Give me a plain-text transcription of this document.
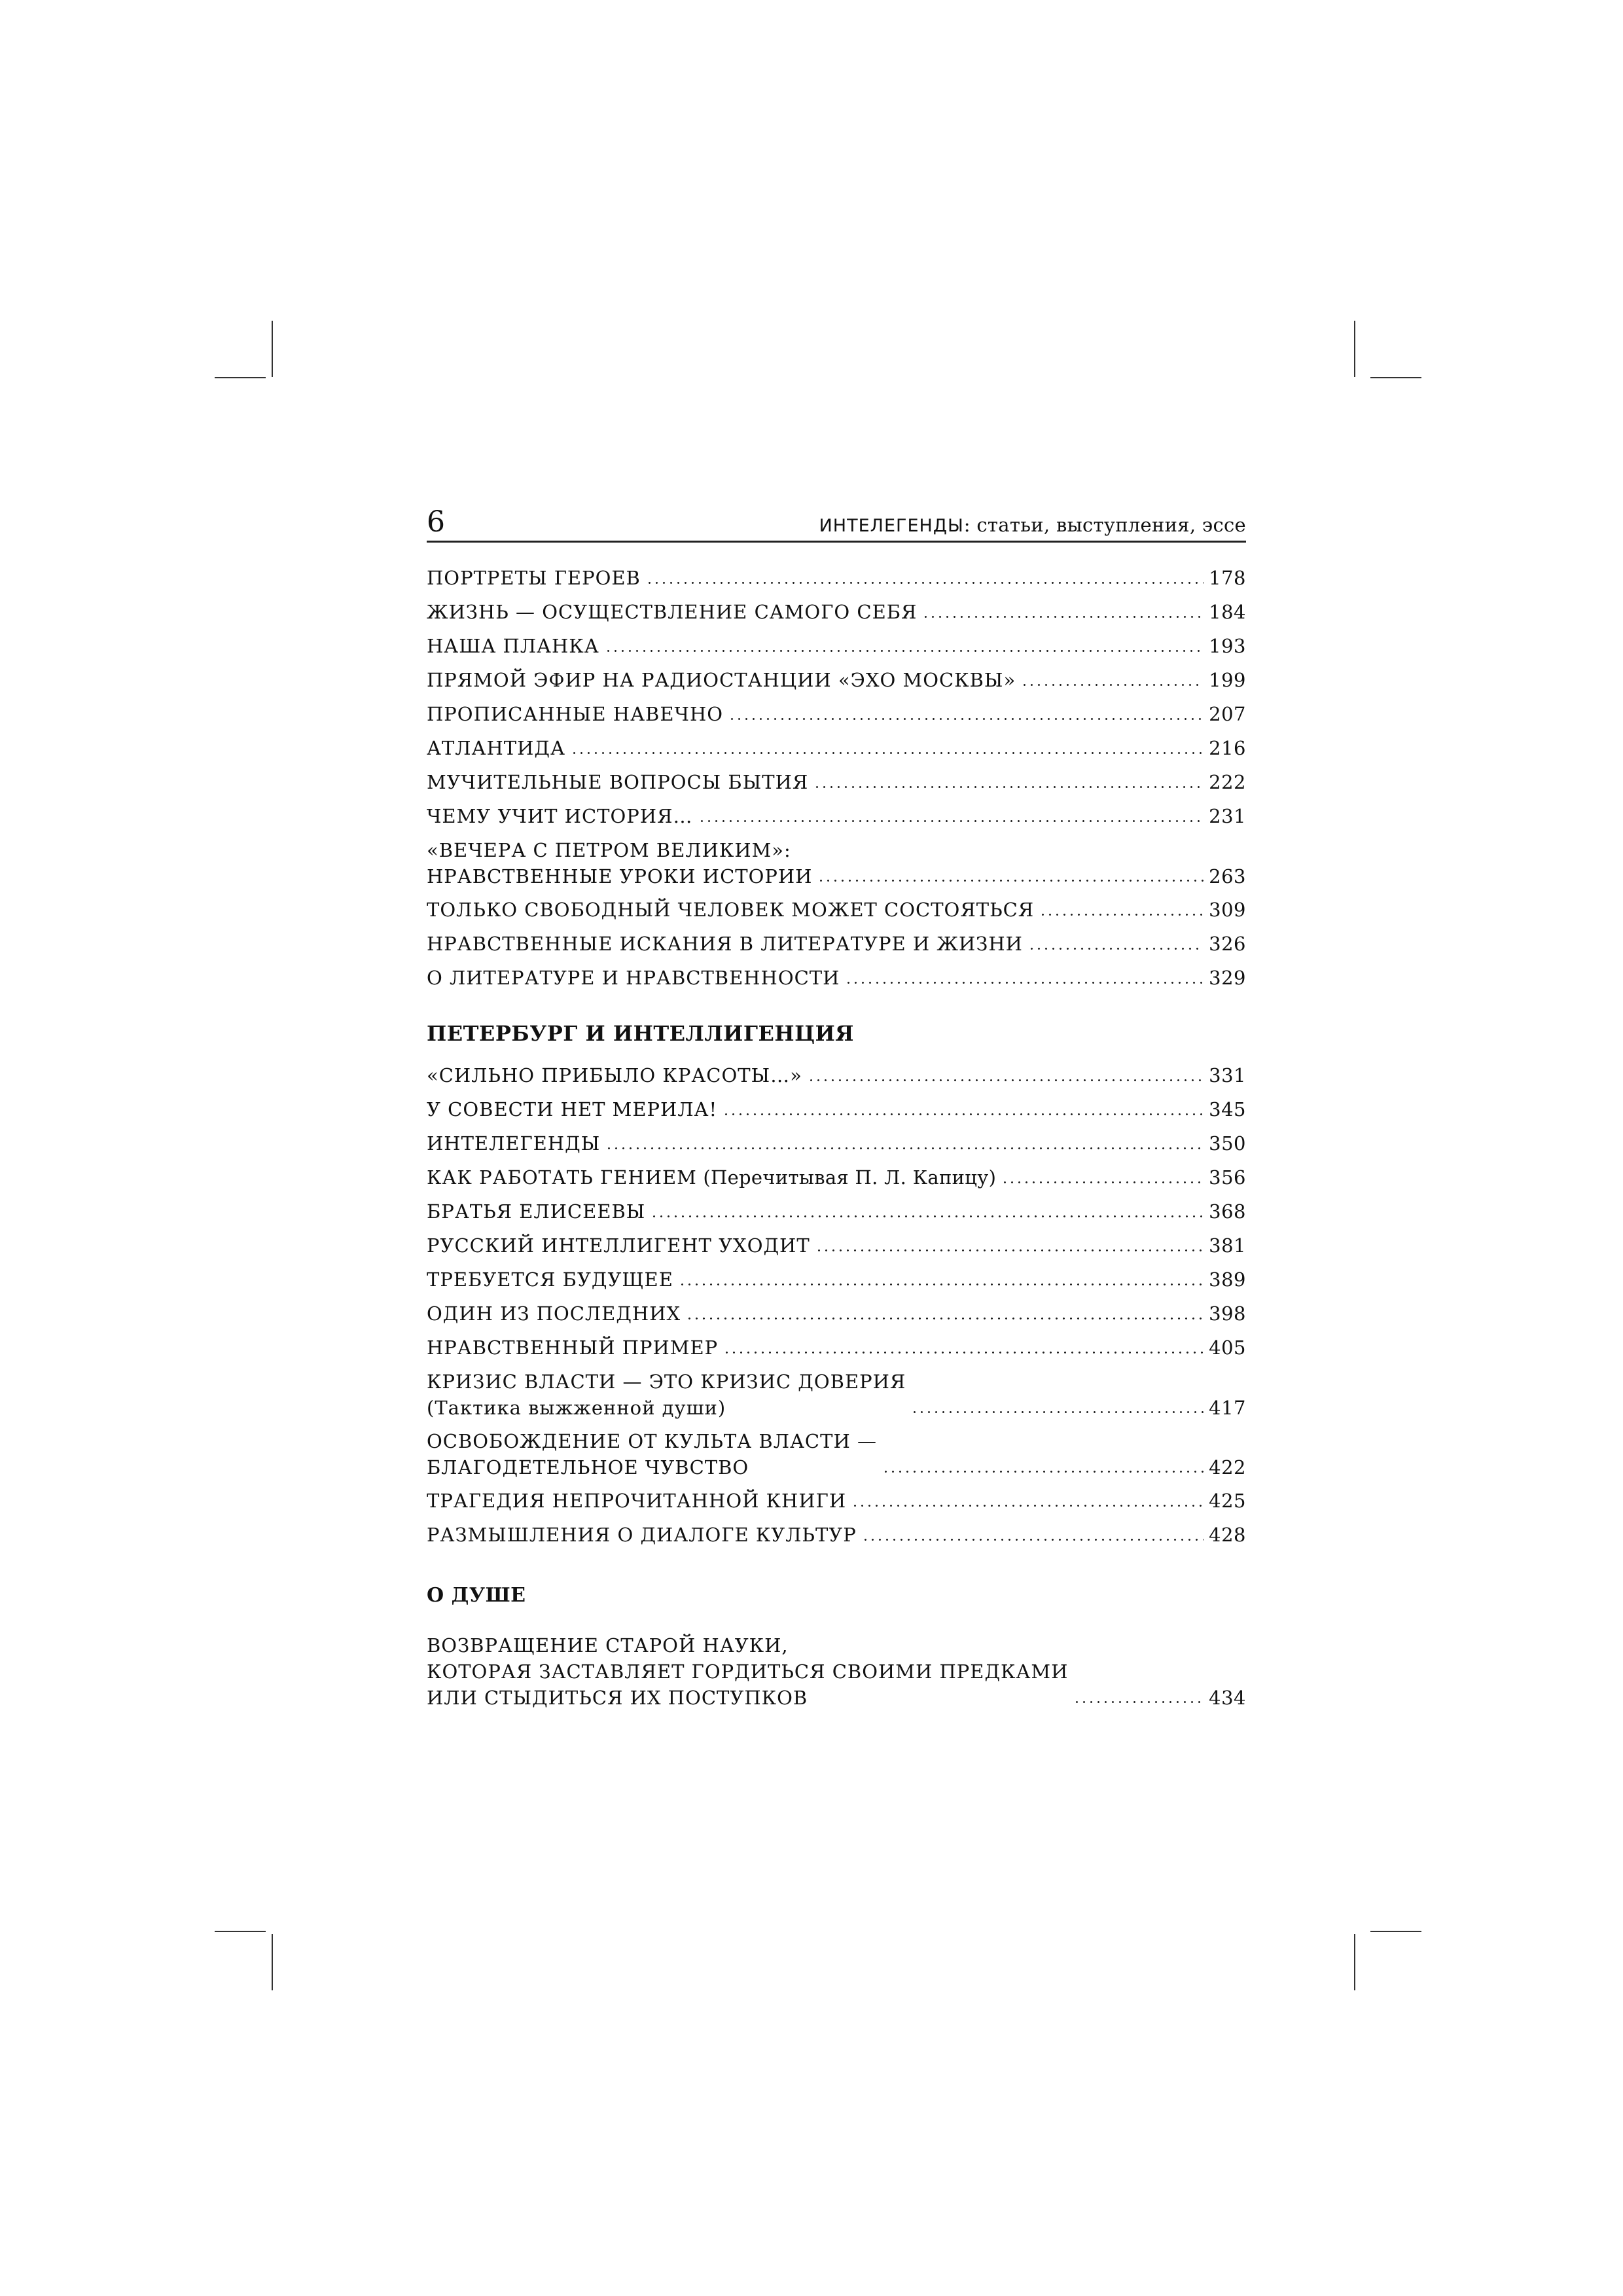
6	ИНТЕЛЕГЕНДЫ: статьи, выступления, эссе
ПОРТРЕТЫ ГЕРОЕВ	178
ЖИЗНЬ — ОСУЩЕСТВЛЕНИЕ САМОГО СЕБЯ	184
НАША ПЛАНКА	193
ПРЯМОЙ ЭФИР НА РАДИОСТАНЦИИ «ЭХО МОСКВЫ»	199
ПРОПИСАННЫЕ НАВЕЧНО	207
АТЛАНТИДА	216
МУЧИТЕЛЬНЫЕ ВОПРОСЫ БЫТИЯ	222
ЧЕМУ УЧИТ ИСТОРИЯ…	231
«ВЕЧЕРА С ПЕТРОМ ВЕЛИКИМ»:
НРАВСТВЕННЫЕ УРОКИ ИСТОРИИ	263
ТОЛЬКО СВОБОДНЫЙ ЧЕЛОВЕК МОЖЕТ СОСТОЯТЬСЯ	309
НРАВСТВЕННЫЕ ИСКАНИЯ В ЛИТЕРАТУРЕ И ЖИЗНИ	326
О ЛИТЕРАТУРЕ И НРАВСТВЕННОСТИ	329
ПЕТЕРБУРГ И ИНТЕЛЛИГЕНЦИЯ
«СИЛЬНО ПРИБЫЛО КРАСОТЫ…»	331
У СОВЕСТИ НЕТ МЕРИЛА!	345
ИНТЕЛЕГЕНДЫ	350
КАК РАБОТАТЬ ГЕНИЕМ (Перечитывая П. Л. Капицу)	356
БРАТЬЯ ЕЛИСЕЕВЫ	368
РУССКИЙ ИНТЕЛЛИГЕНТ УХОДИТ	381
ТРЕБУЕТСЯ БУДУЩЕЕ	389
ОДИН ИЗ ПОСЛЕДНИХ	398
НРАВСТВЕННЫЙ ПРИМЕР	405
КРИЗИС ВЛАСТИ — ЭТО КРИЗИС ДОВЕРИЯ
(Тактика выжженной души)	417
ОСВОБОЖДЕНИЕ ОТ КУЛЬТА ВЛАСТИ —
БЛАГОДЕТЕЛЬНОЕ ЧУВСТВО	422
ТРАГЕДИЯ НЕПРОЧИТАННОЙ КНИГИ	425
РАЗМЫШЛЕНИЯ О ДИАЛОГЕ КУЛЬТУР	428
О ДУШЕ
ВОЗВРАЩЕНИЕ СТАРОЙ НАУКИ,
КОТОРАЯ ЗАСТАВЛЯЕТ ГОРДИТЬСЯ СВОИМИ ПРЕДКАМИ
ИЛИ СТЫДИТЬСЯ ИХ ПОСТУПКОВ	434
